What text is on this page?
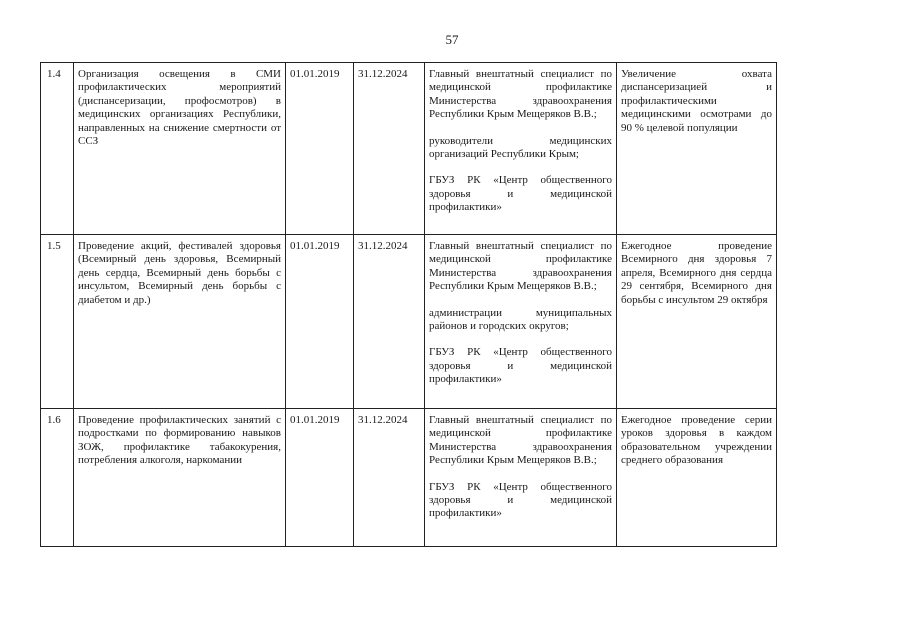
57
1.4	Организация освещения в СМИ профилактических мероприятий (диспансеризации, профосмотров) в медицинских организациях Республики, направленных на снижение смертности от ССЗ	01.01.2019	31.12.2024	Главный внештатный специалист по медицинской профилактике Министерства здравоохранения Республики Крым Мещеряков В.В.;
руководители медицинских организаций Республики Крым;
ГБУЗ РК «Центр общественного здоровья и медицинской профилактики»	Увеличение охвата диспансеризацией и профилактическими медицинскими осмотрами до 90 % целевой популяции
1.5	Проведение акций, фестивалей здоровья (Всемирный день здоровья, Всемирный день сердца, Всемирный день борьбы с инсультом, Всемирный день борьбы с диабетом и др.)	01.01.2019	31.12.2024	Главный внештатный специалист по медицинской профилактике Министерства здравоохранения Республики Крым Мещеряков В.В.;
администрации муниципальных районов и городских округов;
ГБУЗ РК «Центр общественного здоровья и медицинской профилактики»	Ежегодное проведение Всемирного дня здоровья 7 апреля, Всемирного дня сердца 29 сентября, Всемирного дня борьбы с инсультом 29 октября
1.6	Проведение профилактических занятий с подростками по формированию навыков ЗОЖ, профилактике табакокурения, потребления алкоголя, наркомании	01.01.2019	31.12.2024	Главный внештатный специалист по медицинской профилактике Министерства здравоохранения Республики Крым Мещеряков В.В.;
ГБУЗ РК «Центр общественного здоровья и медицинской профилактики»	Ежегодное проведение серии уроков здоровья в каждом образовательном учреждении среднего образования
